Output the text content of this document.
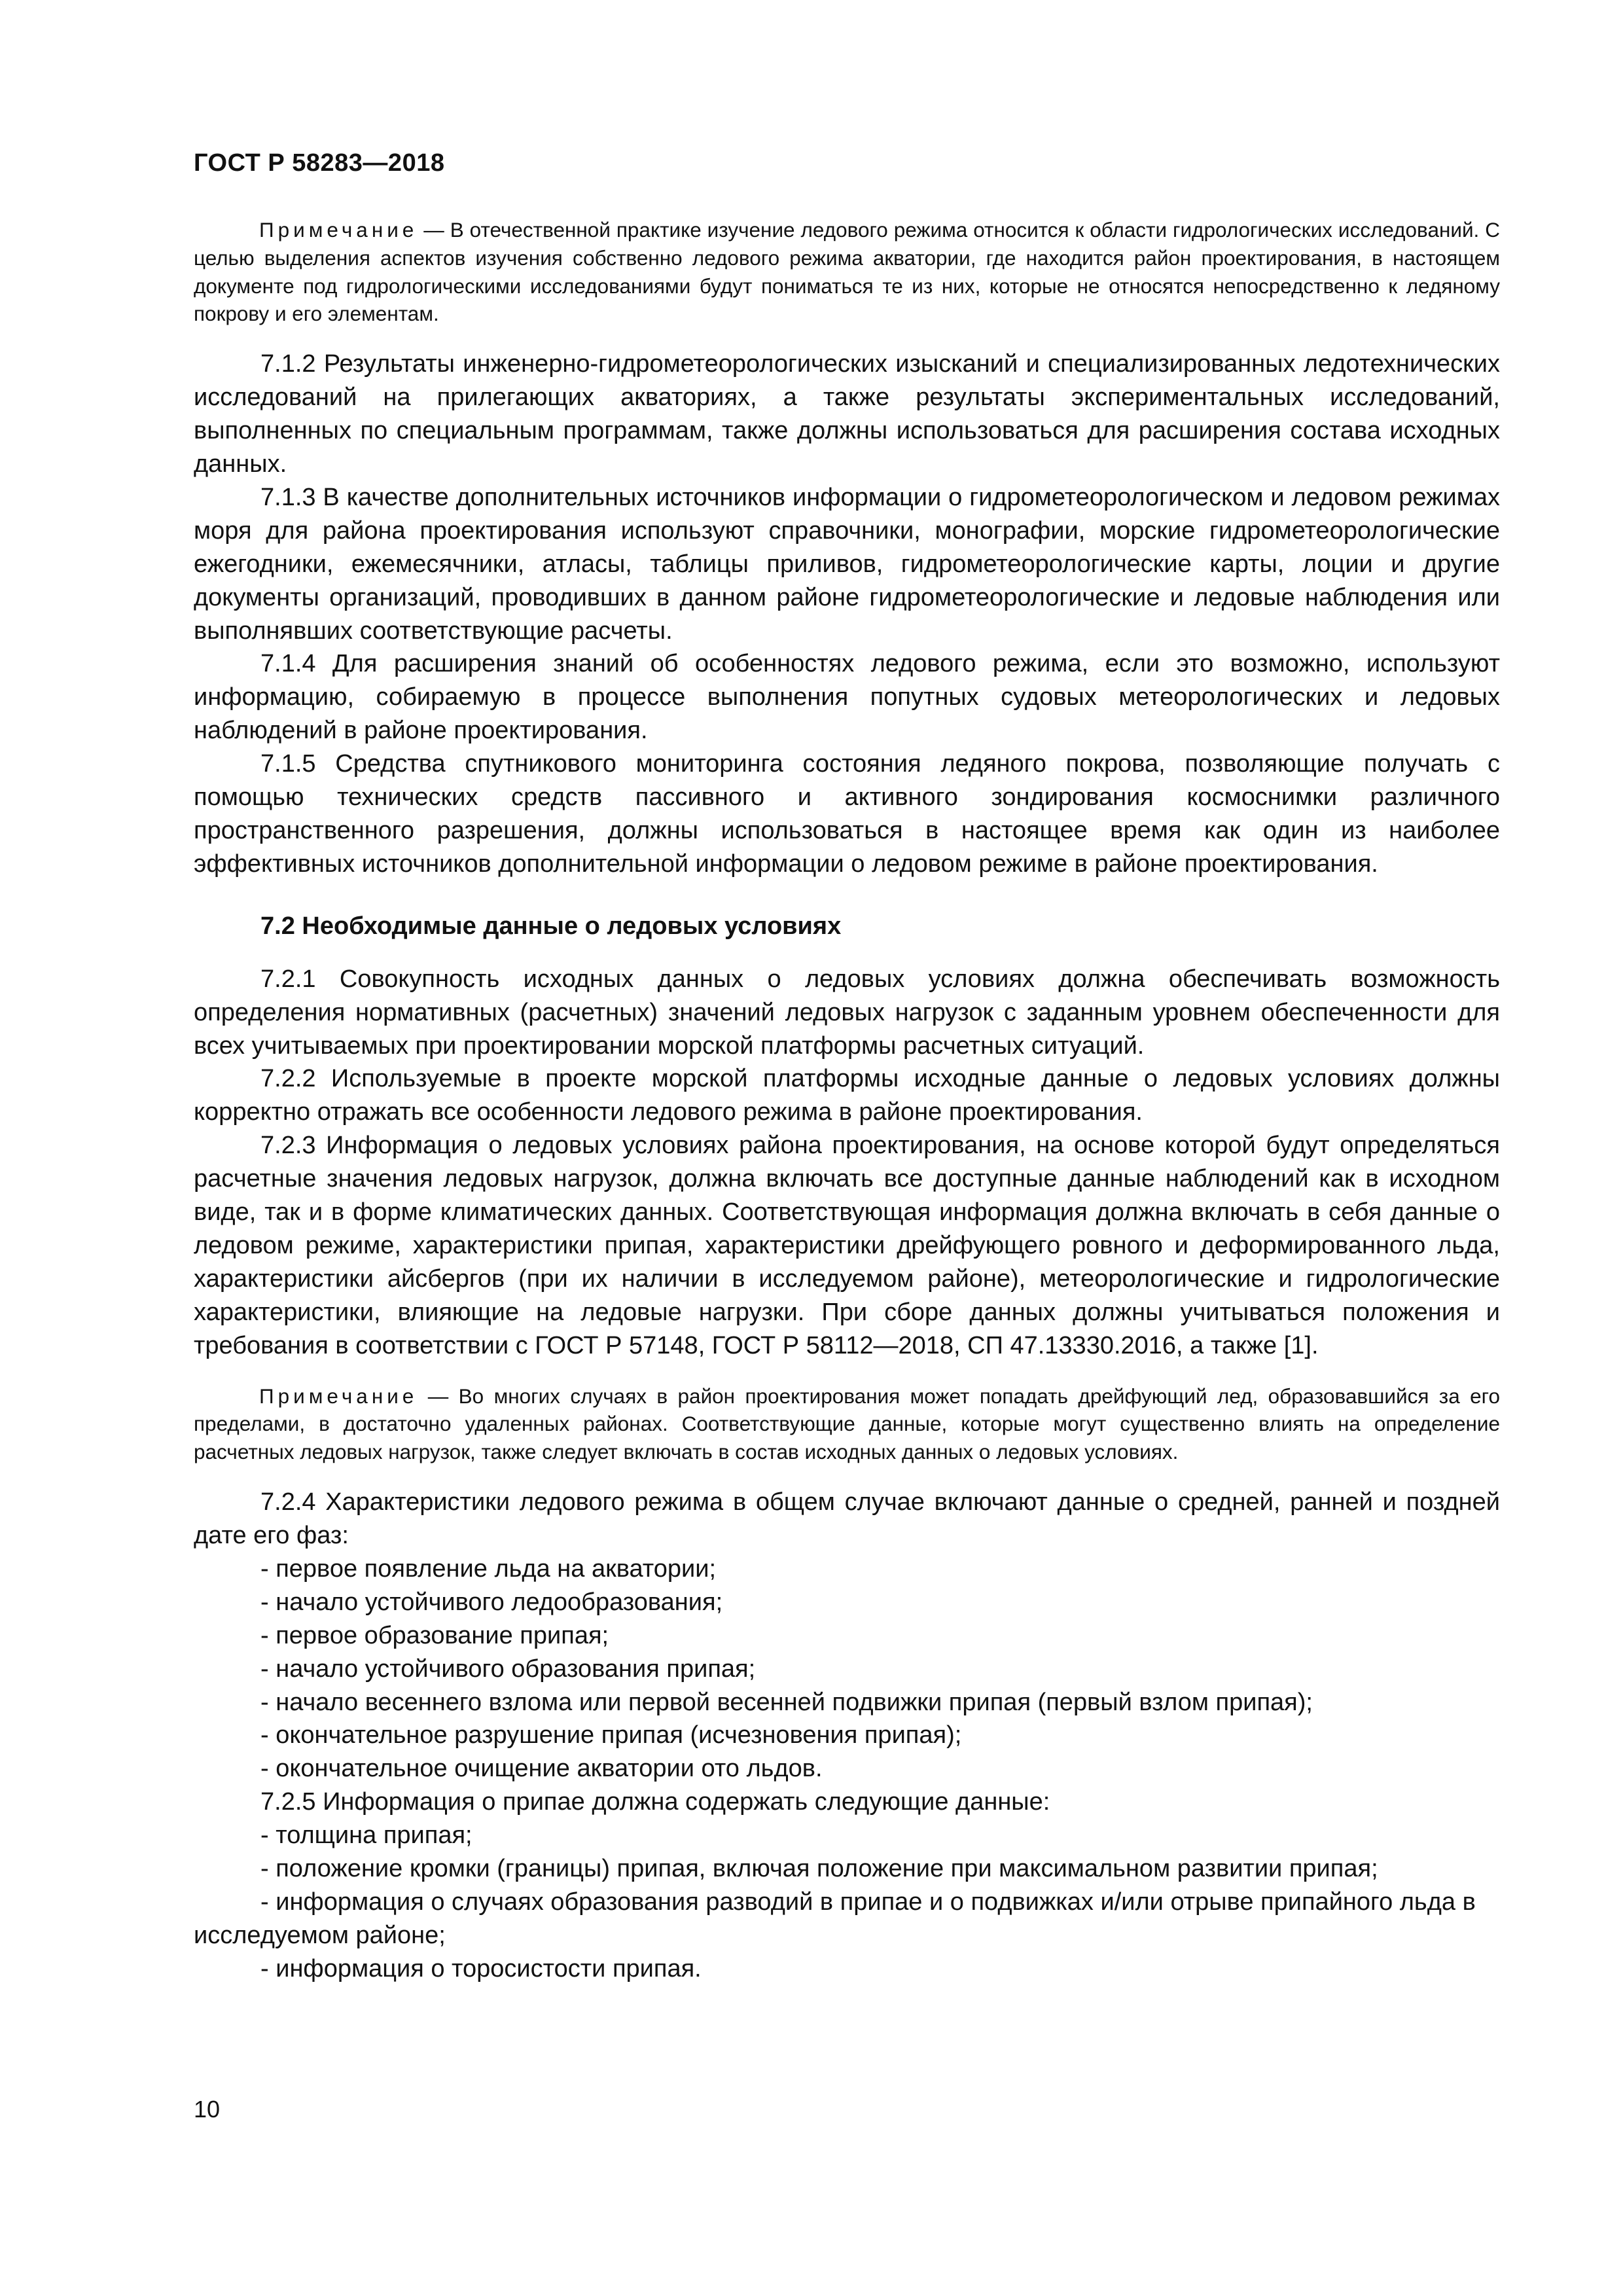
ГОСТ Р 58283—2018

Примечание — В отечественной практике изучение ледового режима относится к области гидрологических исследований. С целью выделения аспектов изучения собственно ледового режима акватории, где находится район проектирования, в настоящем документе под гидрологическими исследованиями будут пониматься те из них, которые не относятся непосредственно к ледяному покрову и его элементам.

7.1.2 Результаты инженерно-гидрометеорологических изысканий и специализированных ледотехнических исследований на прилегающих акваториях, а также результаты экспериментальных исследований, выполненных по специальным программам, также должны использоваться для расширения состава исходных данных.

7.1.3 В качестве дополнительных источников информации о гидрометеорологическом и ледовом режимах моря для района проектирования используют справочники, монографии, морские гидрометеорологические ежегодники, ежемесячники, атласы, таблицы приливов, гидрометеорологические карты, лоции и другие документы организаций, проводивших в данном районе гидрометеорологические и ледовые наблюдения или выполнявших соответствующие расчеты.

7.1.4 Для расширения знаний об особенностях ледового режима, если это возможно, используют информацию, собираемую в процессе выполнения попутных судовых метеорологических и ледовых наблюдений в районе проектирования.

7.1.5 Средства спутникового мониторинга состояния ледяного покрова, позволяющие получать с помощью технических средств пассивного и активного зондирования космоснимки различного пространственного разрешения, должны использоваться в настоящее время как один из наиболее эффективных источников дополнительной информации о ледовом режиме в районе проектирования.

7.2 Необходимые данные о ледовых условиях

7.2.1 Совокупность исходных данных о ледовых условиях должна обеспечивать возможность определения нормативных (расчетных) значений ледовых нагрузок с заданным уровнем обеспеченности для всех учитываемых при проектировании морской платформы расчетных ситуаций.

7.2.2 Используемые в проекте морской платформы исходные данные о ледовых условиях должны корректно отражать все особенности ледового режима в районе проектирования.

7.2.3 Информация о ледовых условиях района проектирования, на основе которой будут определяться расчетные значения ледовых нагрузок, должна включать все доступные данные наблюдений как в исходном виде, так и в форме климатических данных. Соответствующая информация должна включать в себя данные о ледовом режиме, характеристики припая, характеристики дрейфующего ровного и деформированного льда, характеристики айсбергов (при их наличии в исследуемом районе), метеорологические и гидрологические характеристики, влияющие на ледовые нагрузки. При сборе данных должны учитываться положения и требования в соответствии с ГОСТ Р 57148, ГОСТ Р 58112—2018, СП 47.13330.2016, а также [1].

Примечание — Во многих случаях в район проектирования может попадать дрейфующий лед, образовавшийся за его пределами, в достаточно удаленных районах. Соответствующие данные, которые могут существенно влиять на определение расчетных ледовых нагрузок, также следует включать в состав исходных данных о ледовых условиях.

7.2.4 Характеристики ледового режима в общем случае включают данные о средней, ранней и поздней дате его фаз:

- первое появление льда на акватории;

- начало устойчивого ледообразования;

- первое образование припая;

- начало устойчивого образования припая;

- начало весеннего взлома или первой весенней подвижки припая (первый взлом припая);

- окончательное разрушение припая (исчезновения припая);

- окончательное очищение акватории ото льдов.

7.2.5 Информация о припае должна содержать следующие данные:

- толщина припая;

- положение кромки (границы) припая, включая положение при максимальном развитии припая;

- информация о случаях образования разводий в припае и о подвижках и/или отрыве припайного льда в исследуемом районе;

- информация о торосистости припая.

10
